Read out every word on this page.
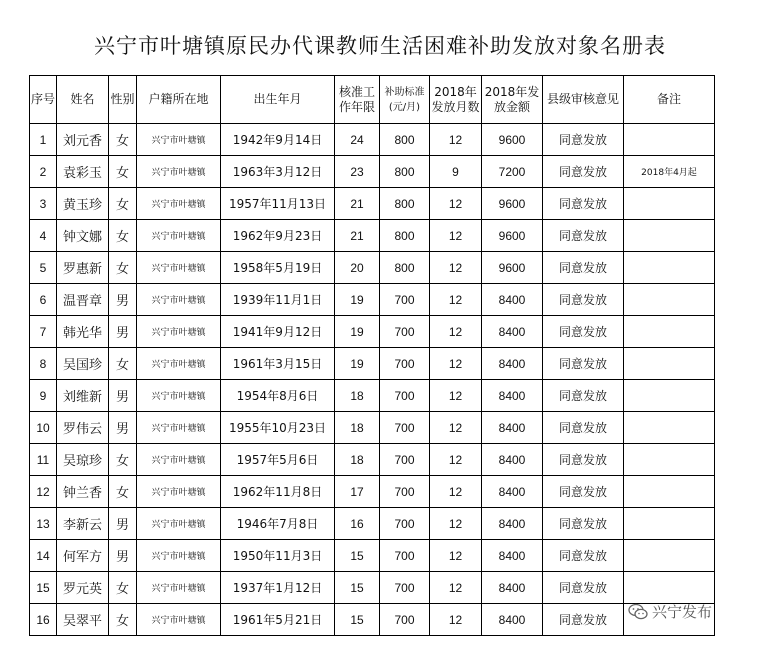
兴宁市叶塘镇原民办代课教师生活困难补助发放对象名册表
序号	姓名	性别	户籍所在地	出生年月	核准工作年限	补助标准(元/月)	2018年发放月数	2018年发放金额	县级审核意见	备注
1	刘元香	女	兴宁市叶塘镇	1942年9月14日	24	800	12	9600	同意发放	
2	袁彩玉	女	兴宁市叶塘镇	1963年3月12日	23	800	9	7200	同意发放	2018年4月起
3	黄玉珍	女	兴宁市叶塘镇	1957年11月13日	21	800	12	9600	同意发放	
4	钟文娜	女	兴宁市叶塘镇	1962年9月23日	21	800	12	9600	同意发放	
5	罗惠新	女	兴宁市叶塘镇	1958年5月19日	20	800	12	9600	同意发放	
6	温晋章	男	兴宁市叶塘镇	1939年11月1日	19	700	12	8400	同意发放	
7	韩光华	男	兴宁市叶塘镇	1941年9月12日	19	700	12	8400	同意发放	
8	吴国珍	女	兴宁市叶塘镇	1961年3月15日	19	700	12	8400	同意发放	
9	刘维新	男	兴宁市叶塘镇	1954年8月6日	18	700	12	8400	同意发放	
10	罗伟云	男	兴宁市叶塘镇	1955年10月23日	18	700	12	8400	同意发放	
11	吴琼珍	女	兴宁市叶塘镇	1957年5月6日	18	700	12	8400	同意发放	
12	钟兰香	女	兴宁市叶塘镇	1962年11月8日	17	700	12	8400	同意发放	
13	李新云	男	兴宁市叶塘镇	1946年7月8日	16	700	12	8400	同意发放	
14	何军方	男	兴宁市叶塘镇	1950年11月3日	15	700	12	8400	同意发放	
15	罗元英	女	兴宁市叶塘镇	1937年1月12日	15	700	12	8400	同意发放	
16	吴翠平	女	兴宁市叶塘镇	1961年5月21日	15	700	12	8400	同意发放		兴宁发布
